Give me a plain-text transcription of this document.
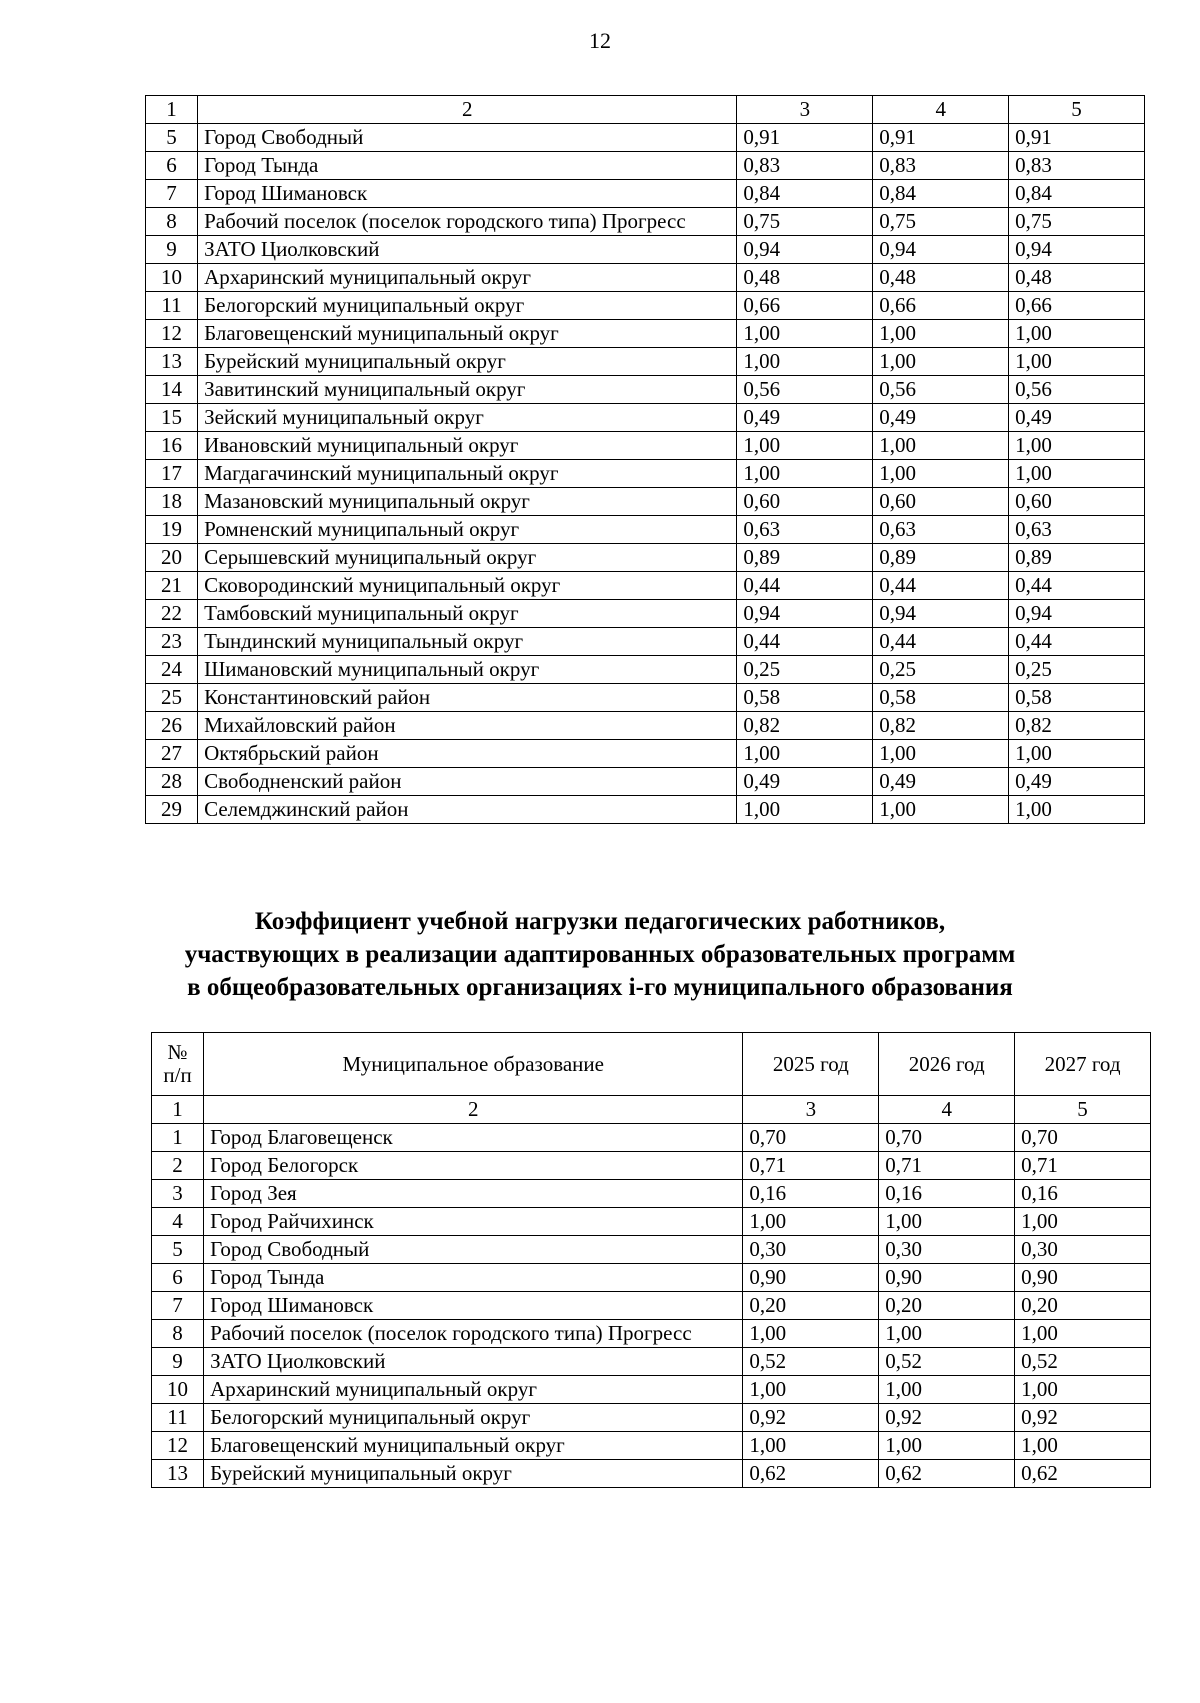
12
1	2	3	4	5
5	Город Свободный	0,91	0,91	0,91
6	Город Тында	0,83	0,83	0,83
7	Город Шимановск	0,84	0,84	0,84
8	Рабочий поселок (поселок городского типа) Прогресс	0,75	0,75	0,75
9	ЗАТО Циолковский	0,94	0,94	0,94
10	Архаринский муниципальный округ	0,48	0,48	0,48
11	Белогорский муниципальный округ	0,66	0,66	0,66
12	Благовещенский муниципальный округ	1,00	1,00	1,00
13	Бурейский муниципальный округ	1,00	1,00	1,00
14	Завитинский муниципальный округ	0,56	0,56	0,56
15	Зейский муниципальный округ	0,49	0,49	0,49
16	Ивановский муниципальный округ	1,00	1,00	1,00
17	Магдагачинский муниципальный округ	1,00	1,00	1,00
18	Мазановский муниципальный округ	0,60	0,60	0,60
19	Ромненский муниципальный округ	0,63	0,63	0,63
20	Серышевский муниципальный округ	0,89	0,89	0,89
21	Сковородинский муниципальный округ	0,44	0,44	0,44
22	Тамбовский муниципальный округ	0,94	0,94	0,94
23	Тындинский муниципальный округ	0,44	0,44	0,44
24	Шимановский муниципальный округ	0,25	0,25	0,25
25	Константиновский район	0,58	0,58	0,58
26	Михайловский район	0,82	0,82	0,82
27	Октябрьский район	1,00	1,00	1,00
28	Свободненский район	0,49	0,49	0,49
29	Селемджинский район	1,00	1,00	1,00
Коэффициент учебной нагрузки педагогических работников,
участвующих в реализации адаптированных образовательных программ
в общеобразовательных организациях i-го муниципального образования
№
п/п	Муниципальное образование	2025 год	2026 год	2027 год
1	2	3	4	5
1	Город Благовещенск	0,70	0,70	0,70
2	Город Белогорск	0,71	0,71	0,71
3	Город Зея	0,16	0,16	0,16
4	Город Райчихинск	1,00	1,00	1,00
5	Город Свободный	0,30	0,30	0,30
6	Город Тында	0,90	0,90	0,90
7	Город Шимановск	0,20	0,20	0,20
8	Рабочий поселок (поселок городского типа) Прогресс	1,00	1,00	1,00
9	ЗАТО Циолковский	0,52	0,52	0,52
10	Архаринский муниципальный округ	1,00	1,00	1,00
11	Белогорский муниципальный округ	0,92	0,92	0,92
12	Благовещенский муниципальный округ	1,00	1,00	1,00
13	Бурейский муниципальный округ	0,62	0,62	0,62
